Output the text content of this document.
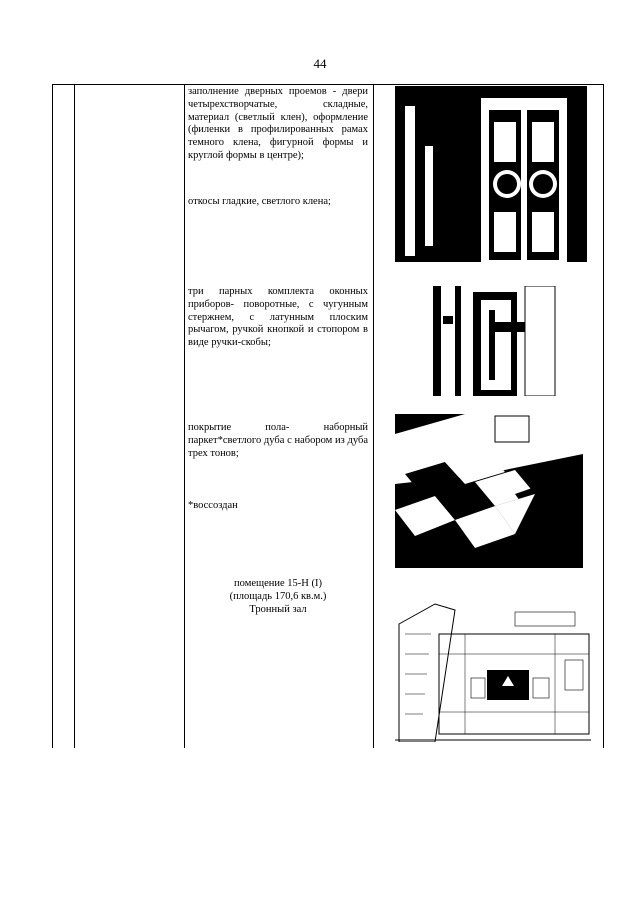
44
заполнение дверных проемов - двери четырехстворчатые, складные, материал (светлый клен), оформление (филенки в профилированных рамах темного клена, фигурной формы и круглой формы в центре);
откосы гладкие, светлого клена;
три парных комплекта оконных приборов- поворотные, с чугунным стержнем, с латунным плоским рычагом, ручкой кнопкой и стопором в виде ручки-скобы;
покрытие пола- наборный паркет*светлого дуба с набором из дуба трех тонов;
*воссоздан
помещение 15-Н (I)
(площадь 170,6 кв.м.)
Тронный зал
